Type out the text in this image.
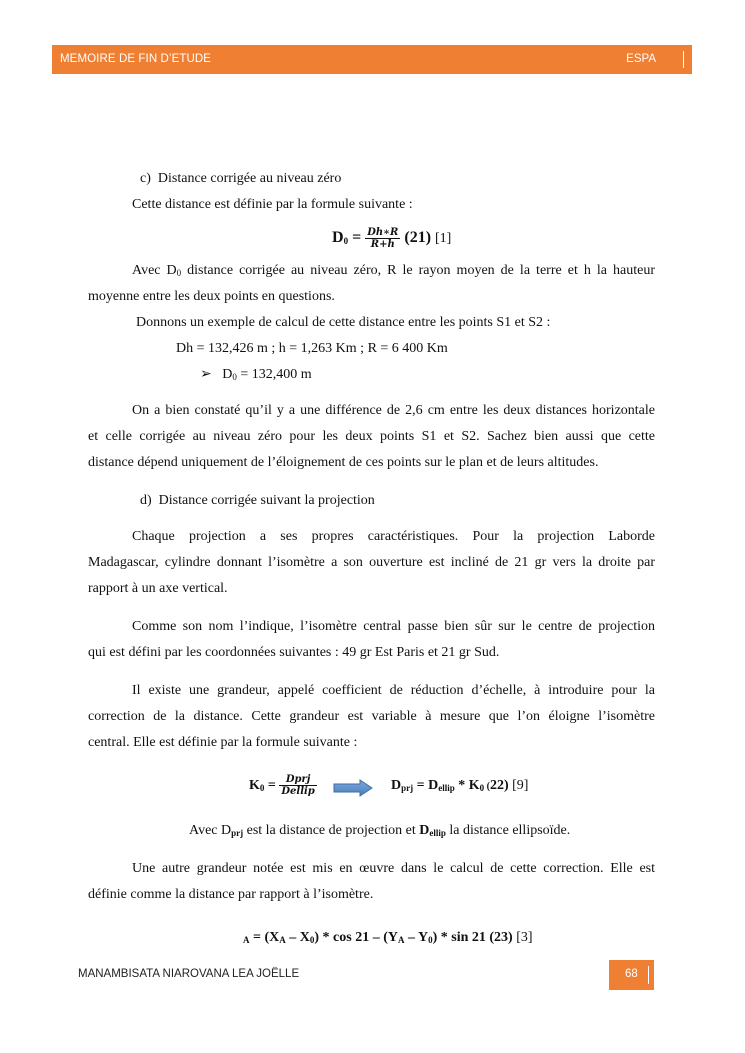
MEMOIRE DE FIN D’ETUDE	ESPA
c) Distance corrigée au niveau zéro
Cette distance est définie par la formule suivante :
$D_0 = \frac{Dh∗R}{R+h} (21)$ [1]
Avec $D_0$ distance corrigée au niveau zéro, R le rayon moyen de la terre et h la hauteur
moyenne entre les deux points en questions.
Donnons un exemple de calcul de cette distance entre les points S1 et S2 :
Dh = 132,426 m ; h = 1,263 Km ; R = 6 400 Km
➢ $D_0 = 132,400$ m
On a bien constaté qu’il y a une différence de 2,6 cm entre les deux distances horizontale
et celle corrigée au niveau zéro pour les deux points S1 et S2. Sachez bien aussi que cette
distance dépend uniquement de l’éloignement de ces points sur le plan et de leurs altitudes.
d) Distance corrigée suivant la projection
Chaque projection a ses propres caractéristiques. Pour la projection Laborde
Madagascar, cylindre donnant l’isomètre a son ouverture est incliné de 21 gr vers la droite par
rapport à un axe vertical.
Comme son nom l’indique, l’isomètre central passe bien sûr sur le centre de projection
qui est défini par les coordonnées suivantes : 49 gr Est Paris et 21 gr Sud.
Il existe une grandeur, appelé coefficient de réduction d’échelle, à introduire pour la
correction de la distance. Cette grandeur est variable à mesure que l’on éloigne l’isomètre
central. Elle est définie par la formule suivante :
$K_0 = \frac{\text{Dprj}}{\text{Dellip}}$	$D_{prj} = D_{ellip} * K_0$ (22) [9]
Avec $D_{prj}$ est la distance de projection et $D_{ellip}$ la distance ellipsoïde.
Une autre grandeur notée est mis en œuvre dans le calcul de cette correction. Elle est
définie comme la distance par rapport à l’isomètre.
$_A = (X_A - X_0) * \cos 21 - (Y_A - Y_0) * \sin 21$ (23) [3]
MANAMBISATA NIAROVANA LEA JOËLLE	68
